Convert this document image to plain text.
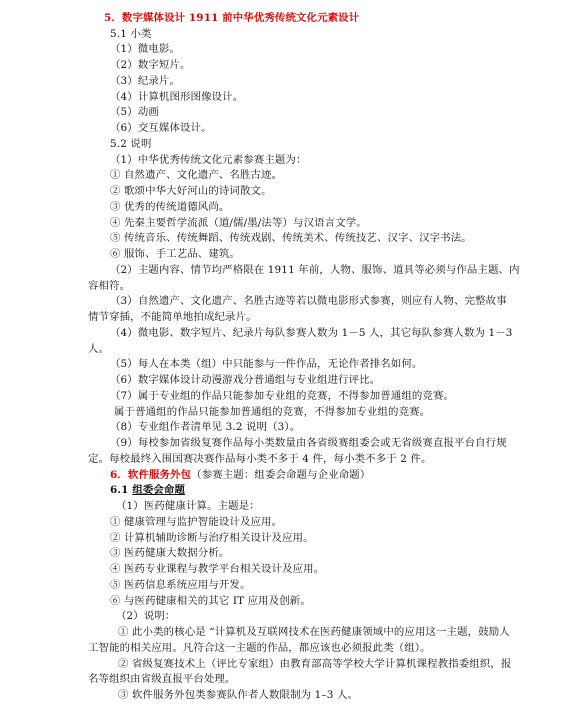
5．数字媒体设计 1911 前中华优秀传统文化元素设计
5.1 小类
（1）微电影。
（2）数字短片。
（3）纪录片。
（4）计算机图形图像设计。
（5）动画
（6）交互媒体设计。
5.2 说明
（1）中华优秀传统文化元素参赛主题为：
① 自然遗产、文化遗产、名胜古迹。
② 歌颂中华大好河山的诗词散文。
③ 优秀的传统道德风尚。
④ 先秦主要哲学流派（道/儒/墨/法等）与汉语言文学。
⑤ 传统音乐、传统舞蹈、传统戏剧、传统美术、传统技艺、汉字、汉字书法。
⑥ 服饰、手工艺品、建筑。
（2）主题内容、情节均严格限在 1911 年前，人物、服饰、道具等必须与作品主题、内
容相符。
（3）自然遗产、文化遗产、名胜古迹等若以微电影形式参赛，则应有人物、完整故事
情节穿插，不能简单地拍成纪录片。
（4）微电影、数字短片、纪录片每队参赛人数为 1－5 人，其它每队参赛人数为 1－3
人。
（5）每人在本类（组）中只能参与一件作品，无论作者排名如何。
（6）数字媒体设计动漫游戏分普通组与专业组进行评比。
（7）属于专业组的作品只能参加专业组的竞赛，不得参加普通组的竞赛。
属于普通组的作品只能参加普通组的竞赛，不得参加专业组的竞赛。
（8）专业组作者清单见 3.2 说明（3）。
（9）每校参加省级复赛作品每小类数量由各省级赛组委会或无省级赛直报平台自行规
定。每校最终入围国赛决赛作品每小类不多于 4 件，每小类不多于 2 件。
6．软件服务外包（参赛主题：组委会命题与企业命题）
6.1 组委会命题
（1）医药健康计算。主题是：
① 健康管理与监护智能设计及应用。
② 计算机辅助诊断与治疗相关设计及应用。
③ 医药健康大数据分析。
④ 医药专业课程与教学平台相关设计及应用。
⑤ 医药信息系统应用与开发。
⑥ 与医药健康相关的其它 IT 应用及创新。
（2）说明：
① 此小类的核心是 “计算机及互联网技术在医药健康领域中的应用这一主题，鼓励人
工智能的相关应用。凡符合这一主题的作品，都应该也必须报此类（组）。
② 省级复赛技术上（评比专家组）由教育部高等学校大学计算机课程教指委组织，报
名等组织由省级直报平台处理。
③ 软件服务外包类参赛队作者人数限制为 1–3 人。
